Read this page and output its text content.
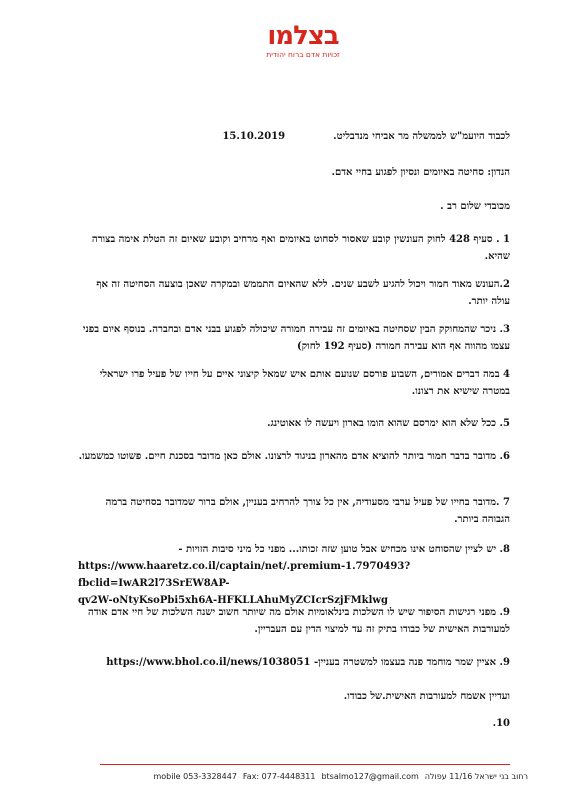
בצלמו
זכויות אדם ברוח יהודית
לכבוד היועמ"ש לממשלה מר אביחי מנדבליט.
15.10.2019
הנדון: סחיטה באיומים ונסיון לפגוע בחיי אדם.
מכובדי שלום רב .
1 . סעיף 428 לחוק העונשין קובע שאסור לסחוט באיומים ואף מרחיב וקובע שאיום זה הטלת אימה בצורה שהיא.
2.העונש מאוד חמור ויכול להגיע לשבע שנים. ללא שהאיום התממש ובמקרה שאכן בוצעה הסחיטה זה אף עולה יותר.
3. ניכר שהמחוקק הבין שסחיטה באיומים זה עבירה חמורה שיכולה לפגוע בבני אדם ובחברה. בנוסף איום בפני עצמו מהווה אף הוא עבירה חמורה (סעיף 192 לחוק)
4 במה דברים אמורים, השבוע פורסם שנועם אותם איש שמאל קיצוני איים על חייו של פעיל פרו ישראלי במטרה שישיא את רצונו.
5. ככל שלא הוא ימרסם שהוא הומו בארון ויעשה לו אאוטינג.
6. מדובר בדבר חמור ביותר להוציא אדם מהארון בניגוד לרצונו. אולם כאן מדובר בסכנת חיים. פשוטו כמשמעו.
7 .מדובר בחייו של פעיל ערבי מסעודיה, אין כל צורך להרחיב בעניין, אולם ברור שמדובר בסחיטה ברמה הגבוהה ביותר.

8. יש לציין שהסוחט אינו מכחיש אבל טוען שזה זכותו... מפני כל מיני סיבות הזויות -

https://www.haaretz.co.il/captain/net/.premium-1.7970493?fbclid=IwAR2l73SrEW8AP-
qv2W-oNtyKsoPbi5xh6A-HFKLLAhuMyZCIcrSzjFMklwg
9. מפני רגישות הסיפור שיש לו השלכות בינלאומיות אולם מה שיותר חשוב ישנה השלכות של חיי אדם אודה למעורבות האישית של כבודו בתיק זה עד למיצוי הדין עם העבריין.
9. אציין שמר מוחמד פנה בעצמו למשטרה בעניין- https://www.bhol.co.il/news/1038051
ועדיין אשמח למעורבות האישית.של כבודו.
10.
רחוב בני ישראל 11/16 עפולה
btsalmo127@gmail.com
Fax: 077-4448311
mobile 053-3328447
